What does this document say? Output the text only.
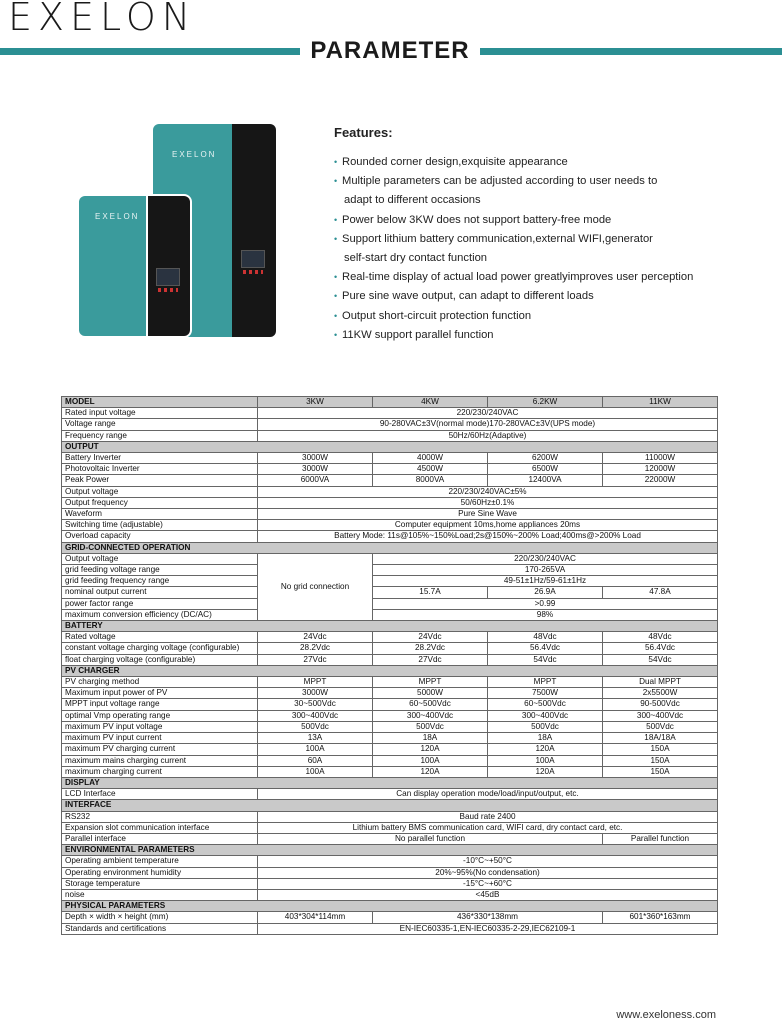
EXELON
PARAMETER
EXELON
EXELON
Features:
• Rounded corner design,exquisite appearance
• Multiple parameters can be adjusted according to user needs to
adapt to different occasions
• Power below 3KW does not support battery-free mode
• Support lithium battery communication,external WIFI,generator
self-start dry contact function
• Real-time display of actual load power greatlyimproves user perception
• Pure sine wave output, can adapt to different loads
• Output short-circuit protection function
• 11KW support parallel function
MODEL	3KW	4KW	6.2KW	11KW
Rated input voltage	220/230/240VAC			
Voltage range	90-280VAC±3V(normal mode)170-280VAC±3V(UPS mode)			
Frequency range	50Hz/60Hz(Adaptive)			
OUTPUT				
Battery Inverter	3000W	4000W	6200W	11000W
Photovoltaic Inverter	3000W	4500W	6500W	12000W
Peak Power	6000VA	8000VA	12400VA	22000W
Output voltage	220/230/240VAC±5%			
Output frequency	50/60Hz±0.1%			
Waveform	Pure Sine Wave			
Switching time (adjustable)	Computer equipment 10ms,home appliances 20ms			
Overload capacity	Battery Mode: 11s@105%~150%Load;2s@150%~200% Load;400ms@>200% Load			
GRID-CONNECTED OPERATION				
Output voltage	No grid connection	220/230/240VAC		
grid feeding voltage range		170-265VA		
grid feeding frequency range		49-51±1Hz/59-61±1Hz		
nominal output current		15.7A	26.9A	47.8A
power factor range		>0.99		
maximum conversion efficiency (DC/AC)		98%		
BATTERY				
Rated voltage	24Vdc	24Vdc	48Vdc	48Vdc
constant voltage charging voltage (configurable)	28.2Vdc	28.2Vdc	56.4Vdc	56.4Vdc
float charging voltage (configurable)	27Vdc	27Vdc	54Vdc	54Vdc
PV CHARGER				
PV charging method	MPPT	MPPT	MPPT	Dual MPPT
Maximum input power of PV	3000W	5000W	7500W	2x5500W
MPPT input voltage range	30~500Vdc	60~500Vdc	60~500Vdc	90-500Vdc
optimal Vmp operating range	300~400Vdc	300~400Vdc	300~400Vdc	300~400Vdc
maximum PV input voltage	500Vdc	500Vdc	500Vdc	500Vdc
maximum PV input current	13A	18A	18A	18A/18A
maximum PV charging current	100A	120A	120A	150A
maximum mains charging current	60A	100A	100A	150A
maximum charging current	100A	120A	120A	150A
DISPLAY				
LCD Interface	Can display operation mode/load/input/output, etc.			
INTERFACE				
RS232	Baud rate 2400			
Expansion slot communication interface	Lithium battery BMS communication card, WIFI card, dry contact card, etc.			
Parallel interface	No parallel function			Parallel function
ENVIRONMENTAL PARAMETERS				
Operating ambient temperature	-10°C~+50°C			
Operating environment humidity	20%~95%(No condensation)			
Storage temperature	-15°C~+60°C			
noise	<45dB			
PHYSICAL PARAMETERS				
Depth × width × height (mm)	403*304*114mm	436*330*138mm		601*360*163mm
Standards and certifications	EN-IEC60335-1,EN-IEC60335-2-29,IEC62109-1			
www.exeloness.com
